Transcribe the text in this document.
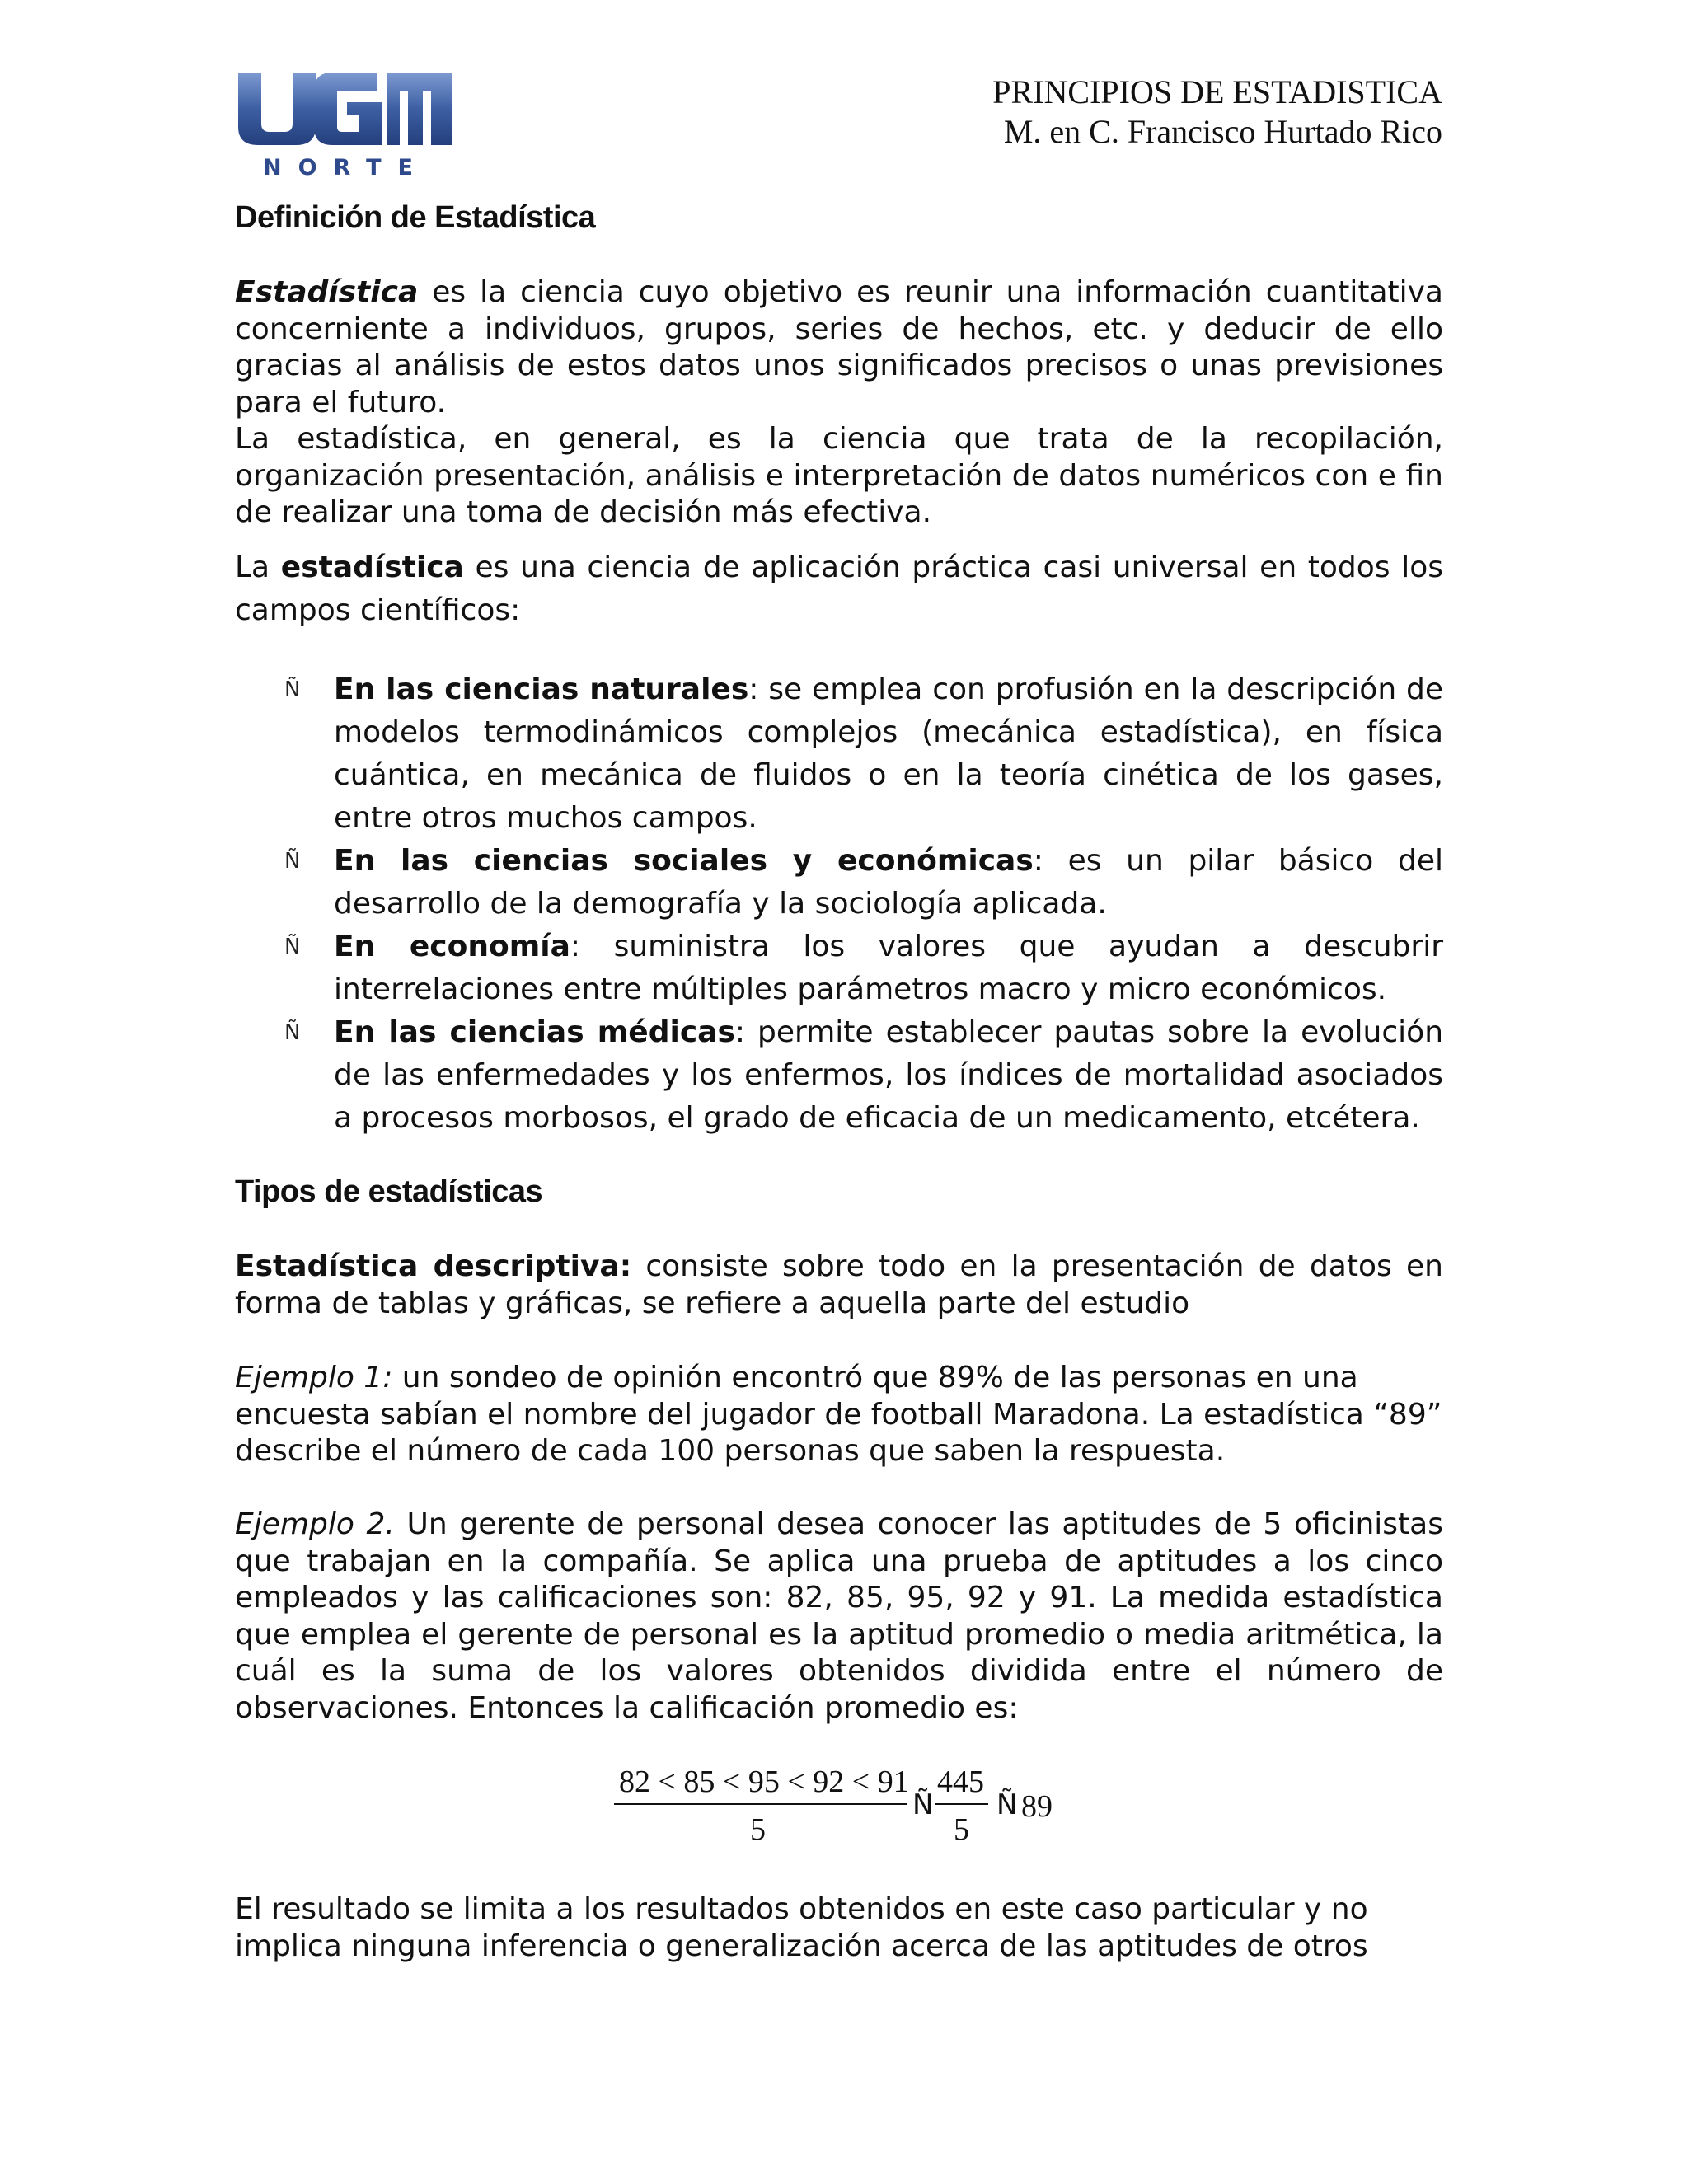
NORTE
PRINCIPIOS DE ESTADISTICA
M. en C. Francisco Hurtado Rico
Definición de Estadística

Estadística es la ciencia cuyo objetivo es reunir una información cuantitativa concerniente a individuos, grupos, series de hechos, etc. y deducir de ello gracias al análisis de estos datos unos significados precisos o unas previsiones para el futuro.

La estadística, en general, es la ciencia que trata de la recopilación, organización presentación, análisis e interpretación de datos numéricos con e fin de realizar una toma de decisión más efectiva.

La estadística es una ciencia de aplicación práctica casi universal en todos los campos científicos:

Ñ En las ciencias naturales: se emplea con profusión en la descripción de modelos termodinámicos complejos (mecánica estadística), en física cuántica, en mecánica de fluidos o en la teoría cinética de los gases, entre otros muchos campos.
Ñ En las ciencias sociales y económicas: es un pilar básico del desarrollo de la demografía y la sociología aplicada.
Ñ En economía: suministra los valores que ayudan a descubrir interrelaciones entre múltiples parámetros macro y micro económicos.
Ñ En las ciencias médicas: permite establecer pautas sobre la evolución de las enfermedades y los enfermos, los índices de mortalidad asociados a procesos morbosos, el grado de eficacia de un medicamento, etcétera.
Tipos de estadísticas

Estadística descriptiva: consiste sobre todo en la presentación de datos en forma de tablas y gráficas, se refiere a aquella parte del estudio

Ejemplo 1: un sondeo de opinión encontró que 89% de las personas en una encuesta sabían el nombre del jugador de football Maradona. La estadística “89” describe el número de cada 100 personas que saben la respuesta.

Ejemplo 2. Un gerente de personal desea conocer las aptitudes de 5 oficinistas que trabajan en la compañía. Se aplica una prueba de aptitudes a los cinco empleados y las calificaciones son: 82, 85, 95, 92 y 91. La medida estadística que emplea el gerente de personal es la aptitud promedio o media aritmética, la cuál es la suma de los valores obtenidos dividida entre el número de observaciones. Entonces la calificación promedio es:

82 < 85 < 95 < 92 < 91
5
Ñ
445
5
Ñ 89

El resultado se limita a los resultados obtenidos en este caso particular y no implica ninguna inferencia o generalización acerca de las aptitudes de otros
